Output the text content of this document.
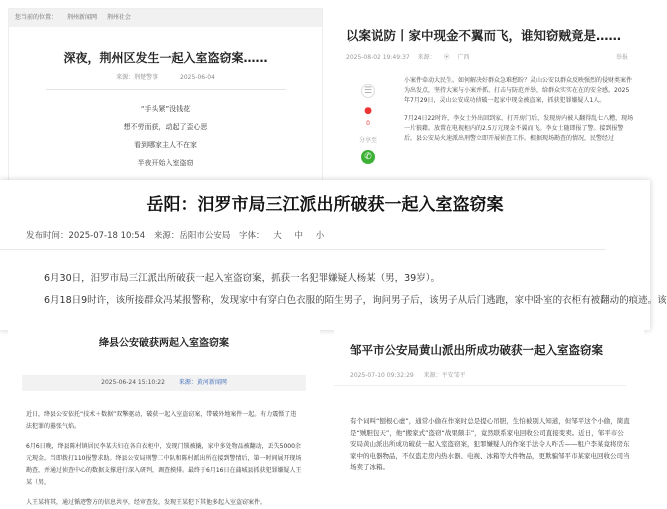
您当前的位置： 荆州新闻网 荆州社会
深夜，荆州区发生一起入室盗窃案……
来源：荆楚警事	2025-06-04
“手头紧”没钱花
想不劳而获，动起了歪心思
看到哪家主人不在家
半夜开始入室盗窃
以案说防丨家中现金不翼而飞，谁知窃贼竟是……
2025-08-02 19:49:37 来源： ⦿ 广西	举报
☰
●
0
分享至
✆

小案件牵动大民生。如何解决好群众急难愁盼？灵山公安以群众反映强烈的侵财类案件为出发点，坚持大案与小案并抓、打击与防范并举，给群众实实在在的安全感。2025年7月29日，灵山公安成功侦破一起家中现金被盗案，抓获犯罪嫌疑人1人。

7月24日22时许，李女士外出回到家，打开房门后，发现房内被人翻得乱七八糟，现场一片狼藉。放置在电视柜内的2.5万元现金不翼而飞。李女士随即报了警。接到报警后，县公安局火速派出刑警立即开展侦查工作。根据现场勘查的情况，民警经过

岳阳：汨罗市局三江派出所破获一起入室盗窃案
发布时间：2025-07-18 10:54 来源：岳阳市公安局 字体： 大 中 小
6月30日，汨罗市局三江派出所破获一起入室盗窃案，抓获一名犯罪嫌疑人杨某（男，39岁）。
6月18日9时许，该所接群众冯某报警称，发现家中有穿白色衣服的陌生男子，询问男子后，该男子从后门逃跑，家中卧室的衣柜有被翻动的痕迹。该
绛县公安破获两起入室盗窃案
2025-06-24 15:10:22 来源：黄河新闻网

近日，绛县公安依托“技术＋数据”双擎驱动，破获一起入室盗窃案，带破外地案件一起。有力震慑了违法犯罪的嚣张气焰。

6月6日晚，绛县陈村镇居民李某夫妇在各自衣柜中，发现门锁被撬，家中多处物品被翻动，丢失5000余元现金。当即拨打110报警求助。绛县公安局刑警二中队和陈村派出所在接到警情后，第一时间展开现场勘查，并通过侦查中心的数据支撑进行深入研判，调查摸排。最终于6月16日在蒲城县抓获犯罪嫌疑人王某（男，

人王某将其，通过循迹警方的信息共享，经审查发，发现王某犯下其他多起入室盗窃案件。

邹平市公安局黄山派出所成功破获一起入室盗窃案
2025-07-10 09:32:29 来源：平安邹平
有个词叫“刨根心虚”，通常小偷在作案时总是提心吊胆，生怕被别人知道，但邹平这个小偷，简直是“贼胆包天”，他“搬家式”盗窃“战果颇丰”，竟然联系家电回收公司直接变卖。近日，邹平市公安局黄山派出所成功破获一起入室盗窃案，犯罪嫌疑人的作案手法令人咋舌——租户李某竟将房东家中的电器物品，不仅盗走房内热水器、电视、冰箱等大件物品，更欺骗邹平市某家电回收公司当场卖了冰箱。
